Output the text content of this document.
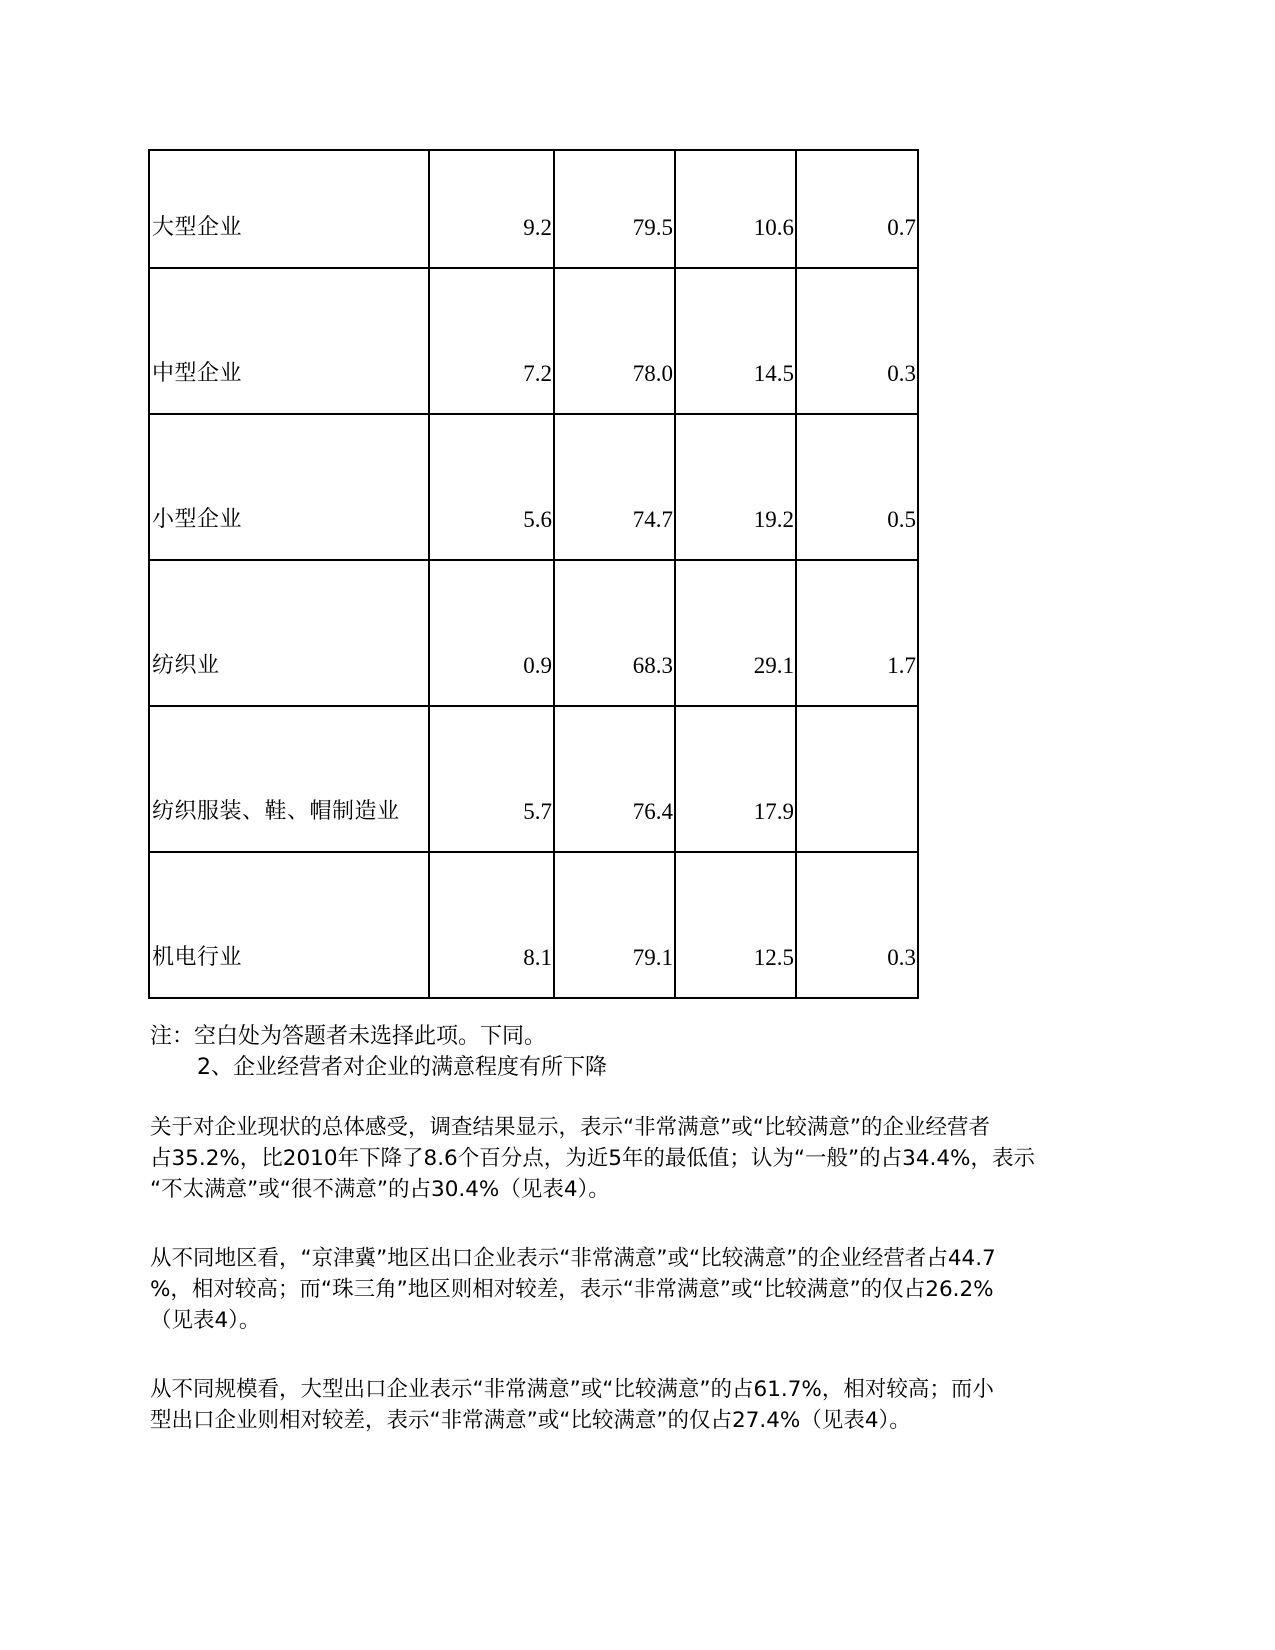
大型企业	9.2	79.5	10.6	0.7
中型企业	7.2	78.0	14.5	0.3
小型企业	5.6	74.7	19.2	0.5
纺织业	0.9	68.3	29.1	1.7
纺织服装、鞋、帽制造业	5.7	76.4	17.9	
机电行业	8.1	79.1	12.5	0.3
注：空白处为答题者未选择此项。下同。
2、企业经营者对企业的满意程度有所下降

关于对企业现状的总体感受，调查结果显示，表示“非常满意”或“比较满意”的企业经营者
占35.2%，比2010年下降了8.6个百分点，为近5年的最低值；认为“一般”的占34.4%，表示
“不太满意”或“很不满意”的占30.4%（见表4）。

从不同地区看，“京津冀”地区出口企业表示“非常满意”或“比较满意”的企业经营者占44.7
%，相对较高；而“珠三角”地区则相对较差，表示“非常满意”或“比较满意”的仅占26.2%
（见表4）。

从不同规模看，大型出口企业表示“非常满意”或“比较满意”的占61.7%，相对较高；而小
型出口企业则相对较差，表示“非常满意”或“比较满意”的仅占27.4%（见表4）。
